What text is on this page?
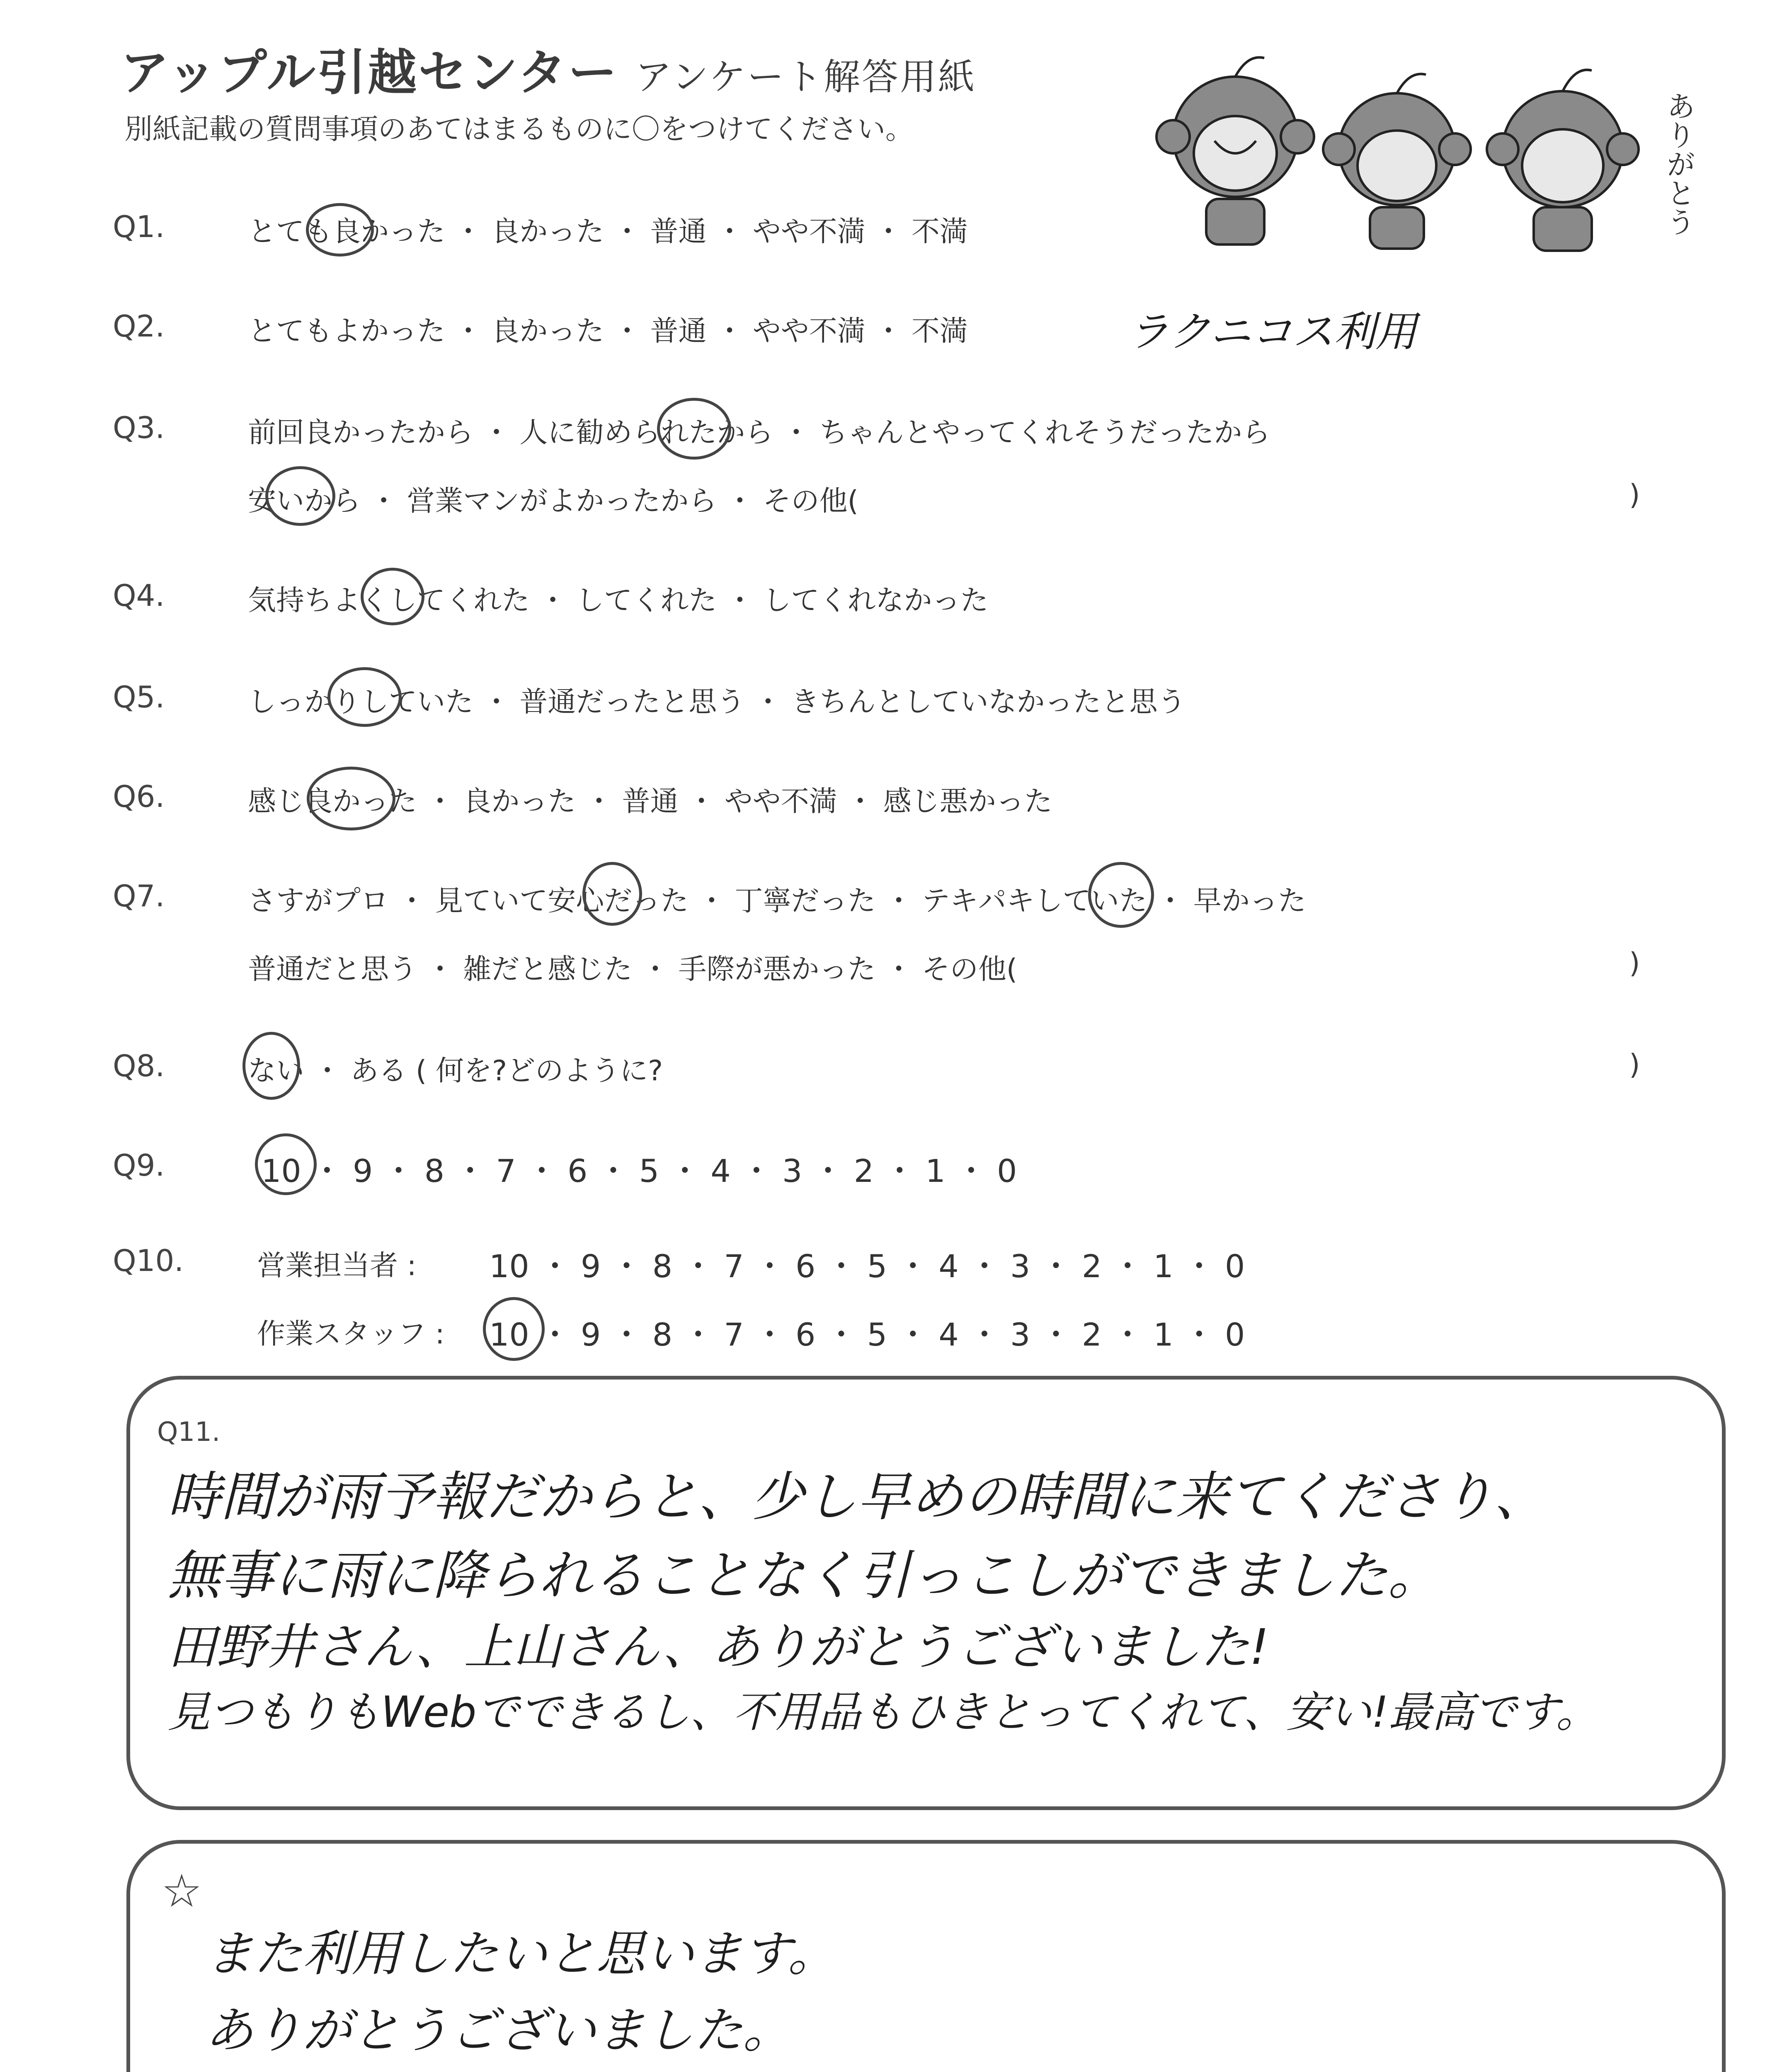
アップル引越センター アンケート解答用紙
別紙記載の質問事項のあてはまるものに〇をつけてください。	ありがとう
Q1.	とても良かった ・ 良かった ・ 普通 ・ やや不満 ・ 不満
Q2.	とてもよかった ・ 良かった ・ 普通 ・ やや不満 ・ 不満	ラクニコス利用
Q3.	前回良かったから ・ 人に勧められたから ・ ちゃんとやってくれそうだったから
安いから ・ 営業マンがよかったから ・ その他(	)
Q4.	気持ちよくしてくれた ・ してくれた ・ してくれなかった
Q5.	しっかりしていた ・ 普通だったと思う ・ きちんとしていなかったと思う
Q6.	感じ良かった ・ 良かった ・ 普通 ・ やや不満 ・ 感じ悪かった
Q7.	さすがプロ ・ 見ていて安心だった ・ 丁寧だった ・ テキパキしていた ・ 早かった
普通だと思う ・ 雑だと感じた ・ 手際が悪かった ・ その他(	)
Q8.	ない ・ ある ( 何を?どのように?	)
Q9.	10 ・ 9 ・ 8 ・ 7 ・ 6 ・ 5 ・ 4 ・ 3 ・ 2 ・ 1 ・ 0
Q10.	営業担当者 : 10 ・ 9 ・ 8 ・ 7 ・ 6 ・ 5 ・ 4 ・ 3 ・ 2 ・ 1 ・ 0
作業スタッフ : 10 ・ 9 ・ 8 ・ 7 ・ 6 ・ 5 ・ 4 ・ 3 ・ 2 ・ 1 ・ 0
Q11.
時間が雨予報だからと、少し早めの時間に来てくださり、
無事に雨に降られることなく引っこしができました。
田野井さん、上山さん、ありがとうございました!
見つもりもWebでできるし、不用品もひきとってくれて、安い!最高です。
☆
また利用したいと思います。
ありがとうございました。
